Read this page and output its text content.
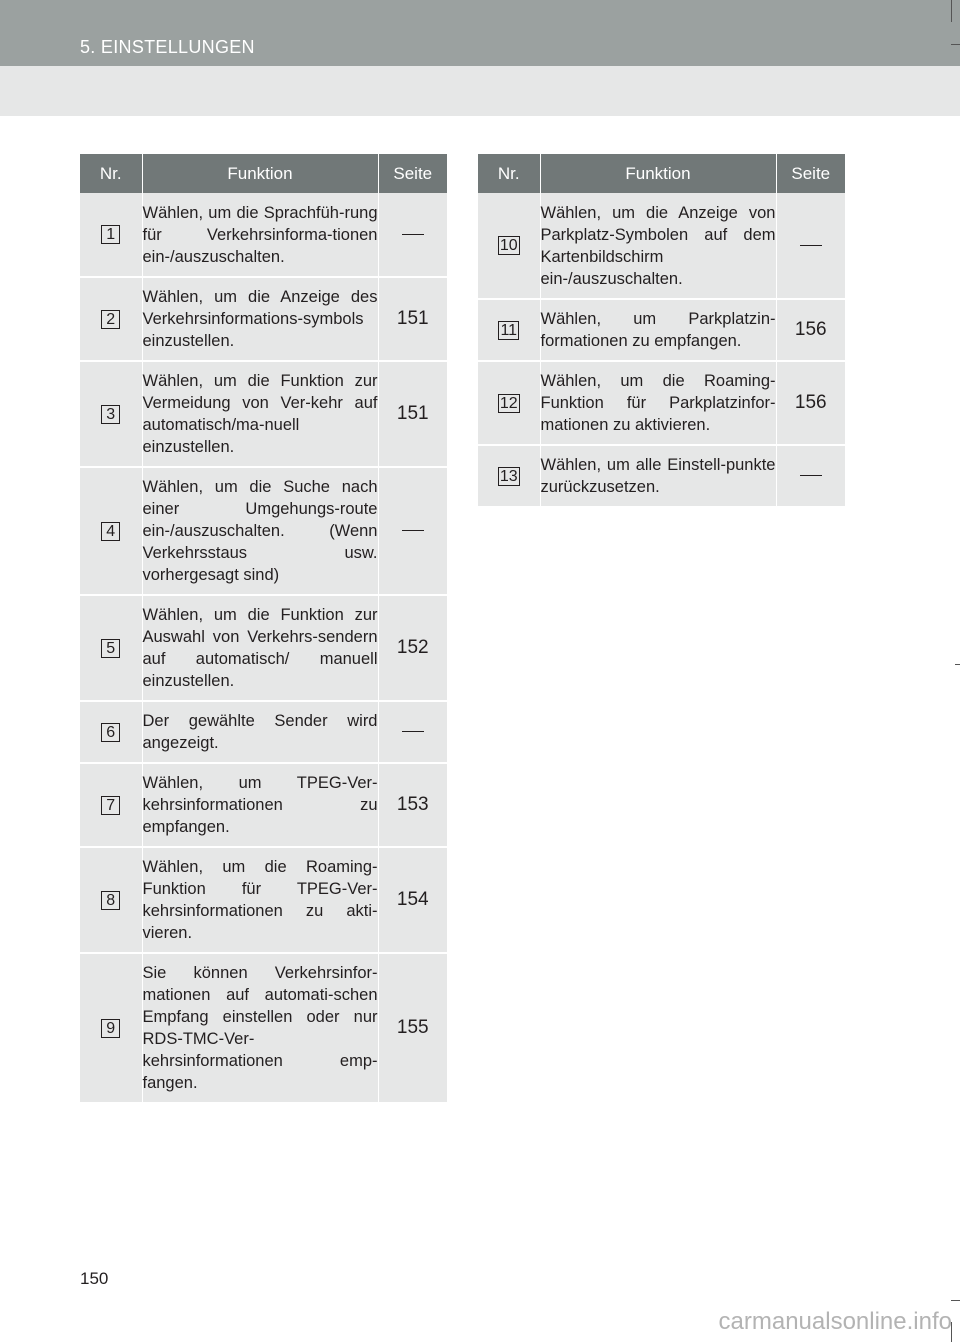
5. EINSTELLUNGEN
Nr.	Funktion	Seite
1	Wählen, um die Sprachfüh-rung für Verkehrsinforma-tionen ein-/auszuschalten.	
2	Wählen, um die Anzeige des Verkehrsinformations-symbols einzustellen.	151
3	Wählen, um die Funktion zur Vermeidung von Ver-kehr auf automatisch/ma-nuell einzustellen.	151
4	Wählen, um die Suche nach einer Umgehungs-route ein-/auszuschalten. (Wenn Verkehrsstaus usw. vorhergesagt sind)	
5	Wählen, um die Funktion zur Auswahl von Verkehrs-sendern auf automatisch/ manuell einzustellen.	152
6	Der gewählte Sender wird angezeigt.	
7	Wählen, um TPEG-Ver-kehrsinformationen zu empfangen.	153
8	Wählen, um die Roaming-Funktion für TPEG-Ver-kehrsinformationen zu akti-vieren.	154
9	Sie können Verkehrsinfor-mationen auf automati-schen Empfang einstellen oder nur RDS-TMC-Ver-kehrsinformationen emp-fangen.	155
Nr.	Funktion	Seite
10	Wählen, um die Anzeige von Parkplatz-Symbolen auf dem Kartenbildschirm ein-/auszuschalten.	
11	Wählen, um Parkplatzin-formationen zu empfangen.	156
12	Wählen, um die Roaming-Funktion für Parkplatzinfor-mationen zu aktivieren.	156
13	Wählen, um alle Einstell-punkte zurückzusetzen.	
150
carmanualsonline.info
